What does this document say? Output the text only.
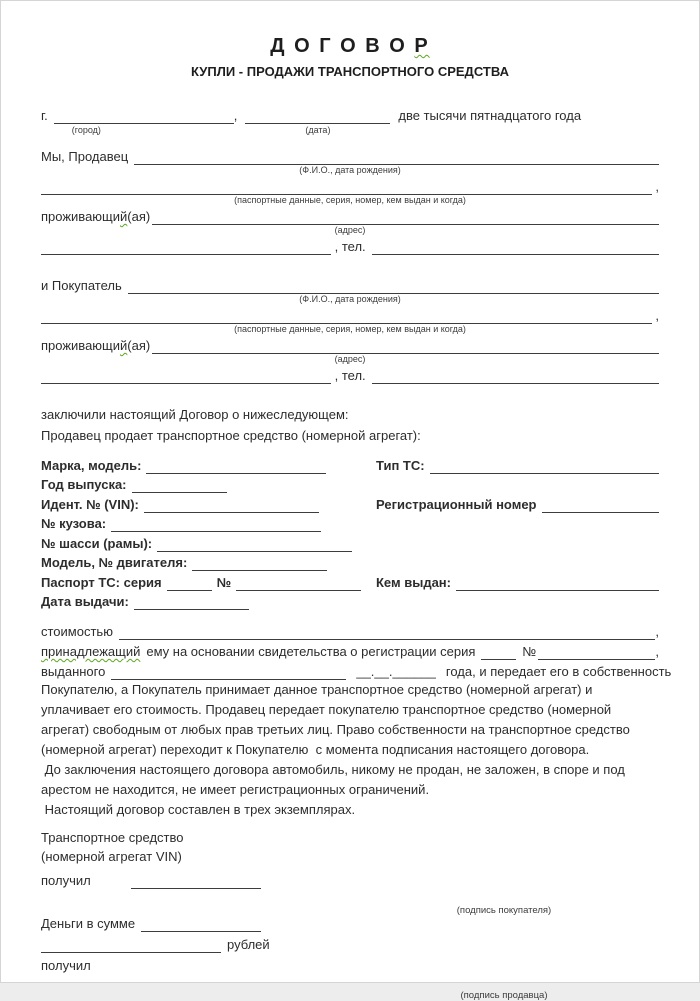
Д О Г О В О Р
КУПЛИ - ПРОДАЖИ ТРАНСПОРТНОГО СРЕДСТВА
г.
(город)
,
(дата)
две тысячи пятнадцатого года
Мы, Продавец
(Ф.И.О., дата рождения)
,
(паспортные данные, серия, номер, кем выдан и когда)
проживающий(ая)
(адрес)
, тел.
и Покупатель
(Ф.И.О., дата рождения)
,
(паспортные данные, серия, номер, кем выдан и когда)
проживающий(ая)
(адрес)
, тел.
заключили настоящий Договор о нижеследующем:
Продавец продает транспортное средство (номерной агрегат):
Марка, модель:	Тип ТС:
Год выпуска:
Идент. № (VIN):	Регистрационный номер
№ кузова:
№ шасси (рамы):
Модель, № двигателя:
Паспорт ТС: серия	№	Кем выдан:
Дата выдачи:
стоимостью	,
принадлежащий ему на основании свидетельства о регистрации серия	№	,
выданного	__.__.______ года, и передает его в собственность
Покупателю, а Покупатель принимает данное транспортное средство (номерной агрегат) и
уплачивает его стоимость. Продавец передает покупателю транспортное средство (номерной
агрегат) свободным от любых прав третьих лиц. Право собственности на транспортное средство
(номерной агрегат) переходит к Покупателю  с момента подписания настоящего договора.
До заключения настоящего договора автомобиль, никому не продан, не заложен, в споре и под
арестом не находится, не имеет регистрационных ограничений.
Настоящий договор составлен в трех экземплярах.
Транспортное средство
(номерной агрегат VIN)
получил
(подпись покупателя)
Деньги в сумме
рублей
получил
(подпись продавца)
